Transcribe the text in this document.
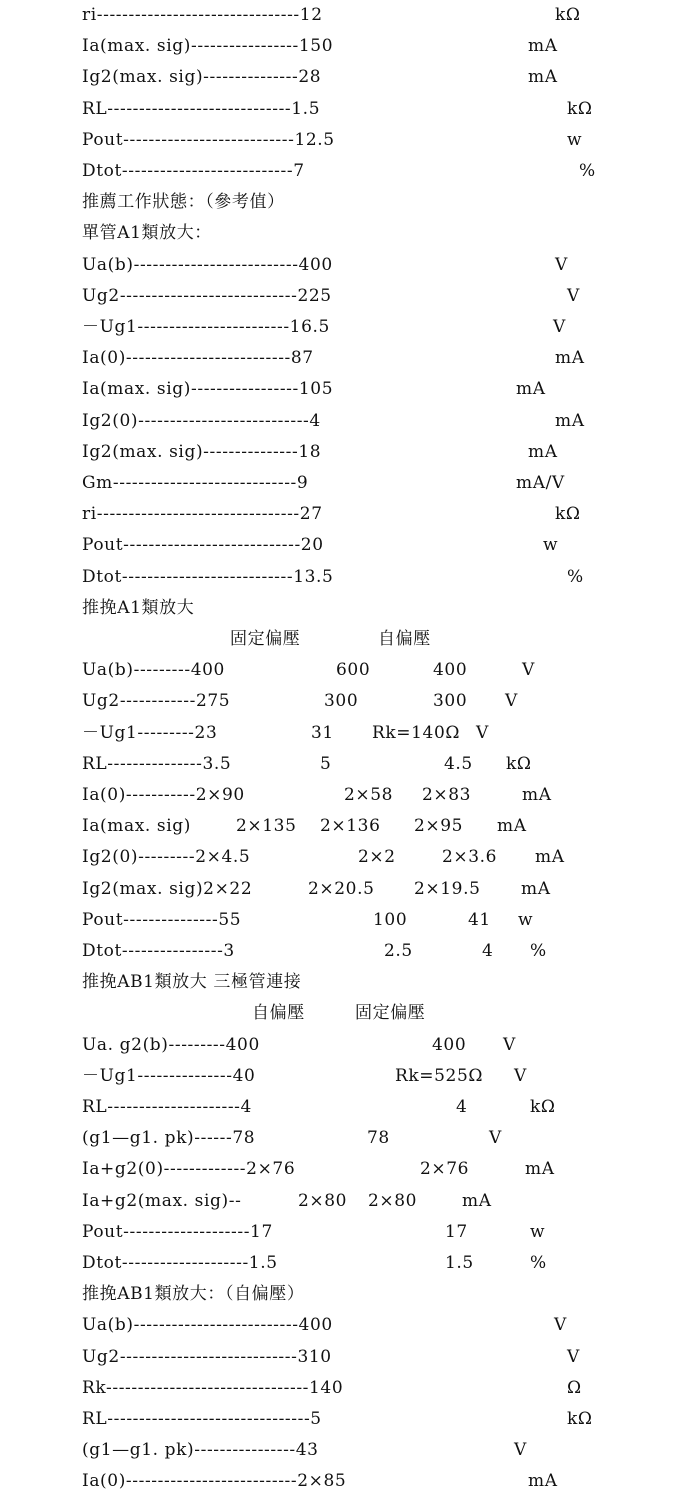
ri--------------------------------12	kΩ
Ia(max. sig)-----------------150	mA
Ig2(max. sig)---------------28	mA
RL-----------------------------1.5	kΩ
Pout---------------------------12.5	w
Dtot---------------------------7	%
推薦工作狀態：（參考值）
單管A1類放大：
Ua(b)--------------------------400	V
Ug2----------------------------225	V
－Ug1------------------------16.5	V
Ia(0)--------------------------87	mA
Ia(max. sig)-----------------105	mA
Ig2(0)---------------------------4	mA
Ig2(max. sig)---------------18	mA
Gm-----------------------------9	mA/V
ri--------------------------------27	kΩ
Pout----------------------------20	w
Dtot---------------------------13.5	%
推挽A1類放大
固定偏壓	自偏壓
Ua(b)---------400	600	400	V
Ug2------------275	300	300 V
－Ug1---------23	31 Rk=140Ω V
RL---------------3.5	5	4.5 kΩ
Ia(0)-----------2×90	2×58 2×83	mA
Ia(max. sig)	2×135 2×136 2×95 mA
Ig2(0)---------2×4.5	2×2	2×3.6 mA
Ig2(max. sig)2×22	2×20.5 2×19.5 mA
Pout---------------55	100	41 w
Dtot----------------3	2.5	4 %
推挽AB1類放大 三極管連接
自偏壓	固定偏壓
Ua. g2(b)---------400	400 V
－Ug1---------------40	Rk=525Ω V
RL---------------------4	4	kΩ
(g1—g1. pk)------78	78	V
Ia+g2(0)-------------2×76	2×76	mA
Ia+g2(max. sig)--	2×80 2×80	mA
Pout--------------------17	17	w
Dtot--------------------1.5	1.5	%
推挽AB1類放大：（自偏壓）
Ua(b)--------------------------400	V
Ug2----------------------------310	V
Rk--------------------------------140	Ω
RL--------------------------------5	kΩ
(g1—g1. pk)----------------43	V
Ia(0)---------------------------2×85	mA
